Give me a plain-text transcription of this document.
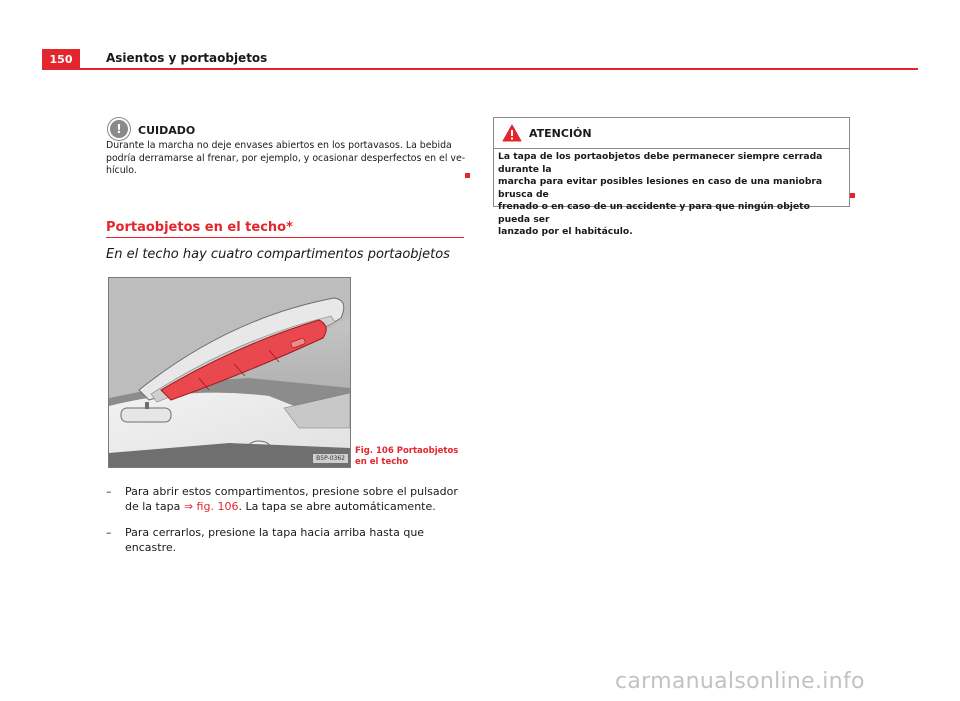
150	Asientos y portaobjetos
!	CUIDADO
Durante la marcha no deje envases abiertos en los portavasos. La bebida
podría derramarse al frenar, por ejemplo, y ocasionar desperfectos en el ve-
hículo.
Portaobjetos en el techo*
En el techo hay cuatro compartimentos portaobjetos
B5P-0362
Fig. 106 Portaobjetos en el techo
– Para abrir estos compartimentos, presione sobre el pulsador de la tapa ⇒ fig. 106. La tapa se abre automáticamente.
– Para cerrarlos, presione la tapa hacia arriba hasta que encastre.
ATENCIÓN
La tapa de los portaobjetos debe permanecer siempre cerrada durante la
marcha para evitar posibles lesiones en caso de una maniobra brusca de
frenado o en caso de un accidente y para que ningún objeto pueda ser
lanzado por el habitáculo.
carmanualsonline.info
